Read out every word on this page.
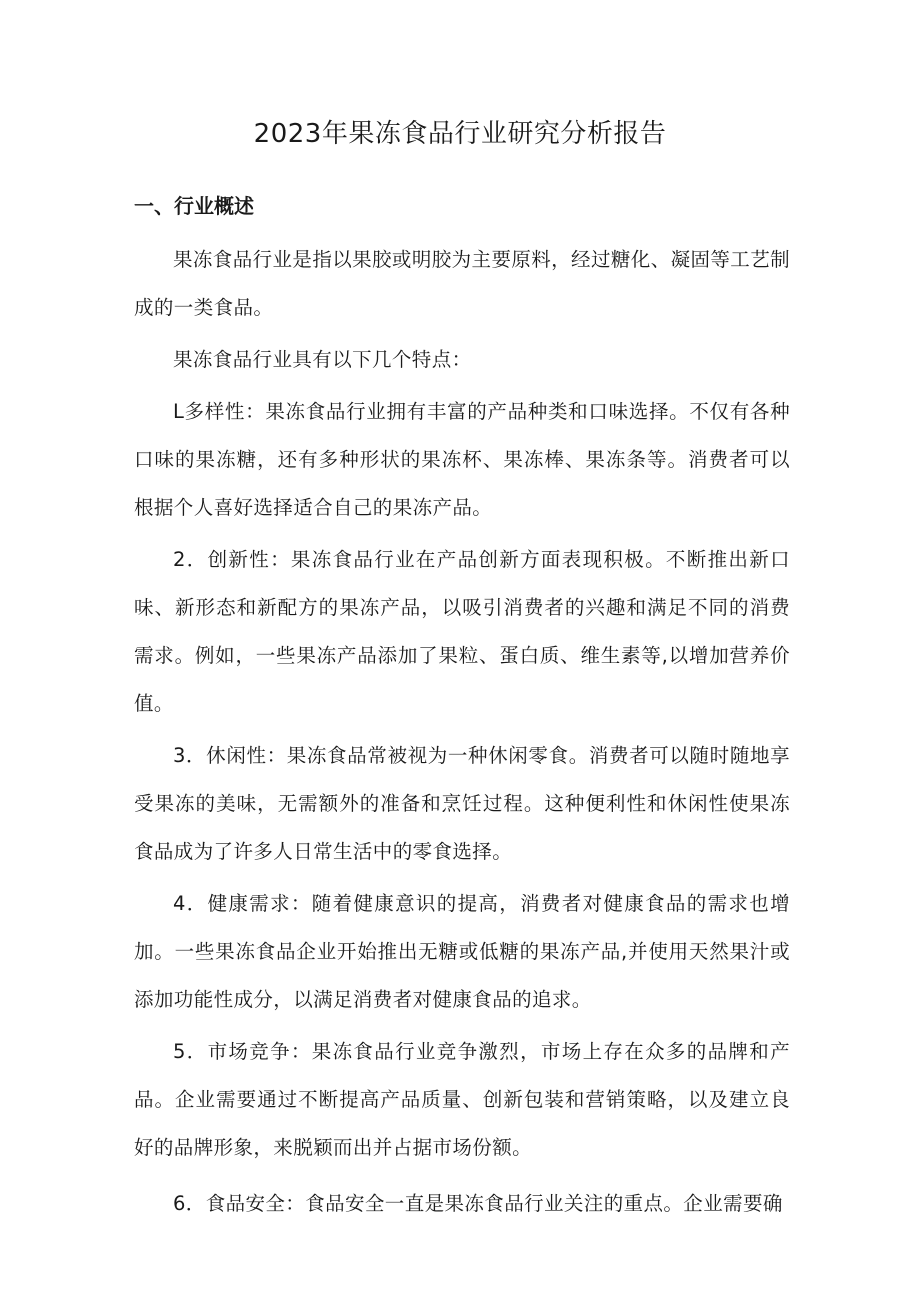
2023年果冻食品行业研究分析报告
一、行业概述

果冻食品行业是指以果胶或明胶为主要原料，经过糖化、凝固等工艺制成的一类食品。

果冻食品行业具有以下几个特点：

L多样性：果冻食品行业拥有丰富的产品种类和口味选择。不仅有各种口味的果冻糖，还有多种形状的果冻杯、果冻棒、果冻条等。消费者可以根据个人喜好选择适合自己的果冻产品。

2．创新性：果冻食品行业在产品创新方面表现积极。不断推出新口味、新形态和新配方的果冻产品，以吸引消费者的兴趣和满足不同的消费需求。例如，一些果冻产品添加了果粒、蛋白质、维生素等,以增加营养价值。

3．休闲性：果冻食品常被视为一种休闲零食。消费者可以随时随地享受果冻的美味，无需额外的准备和烹饪过程。这种便利性和休闲性使果冻食品成为了许多人日常生活中的零食选择。

4．健康需求：随着健康意识的提高，消费者对健康食品的需求也增加。一些果冻食品企业开始推出无糖或低糖的果冻产品,并使用天然果汁或添加功能性成分，以满足消费者对健康食品的追求。

5．市场竞争：果冻食品行业竞争激烈，市场上存在众多的品牌和产品。企业需要通过不断提高产品质量、创新包装和营销策略，以及建立良好的品牌形象，来脱颖而出并占据市场份额。

6．食品安全：食品安全一直是果冻食品行业关注的重点。企业需要确
